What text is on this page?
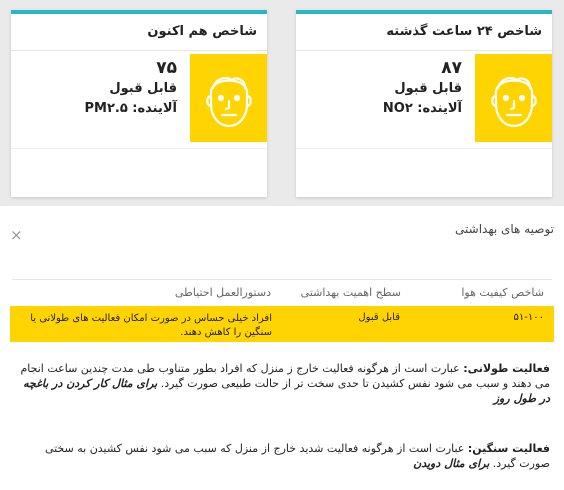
شاخص ۲۴ ساعت گذشته
۸۷
قابل قبول
آلاینده: NO۲
شاخص هم اکنون
۷۵
قابل قبول
آلاینده: PM۲.۵
توصیه های بهداشتی
×
شاخص کیفیت هوا
سطح اهمیت بهداشتی
دستورالعمل احتیاطی
۵۱-۱۰۰
قابل قبول
افراد خیلی حساس در صورت امکان فعالیت های طولانی یا سنگین را کاهش دهند.
فعالیت طولانی: عبارت است از هرگونه فعالیت خارج ز منزل که افراد بطور متناوب طی مدت چندین ساعت انجام می دهند و سبب می شود نفس کشیدن تا حدی سخت تر از حالت طبیعی صورت گیرد. برای مثال کار کردن در باغچه در طول روز
فعالیت سنگین: عبارت است از هرگونه فعالیت شدید خارج از منزل که سبب می شود نفس کشیدن به سختی صورت گیرد. برای مثال دویدن
